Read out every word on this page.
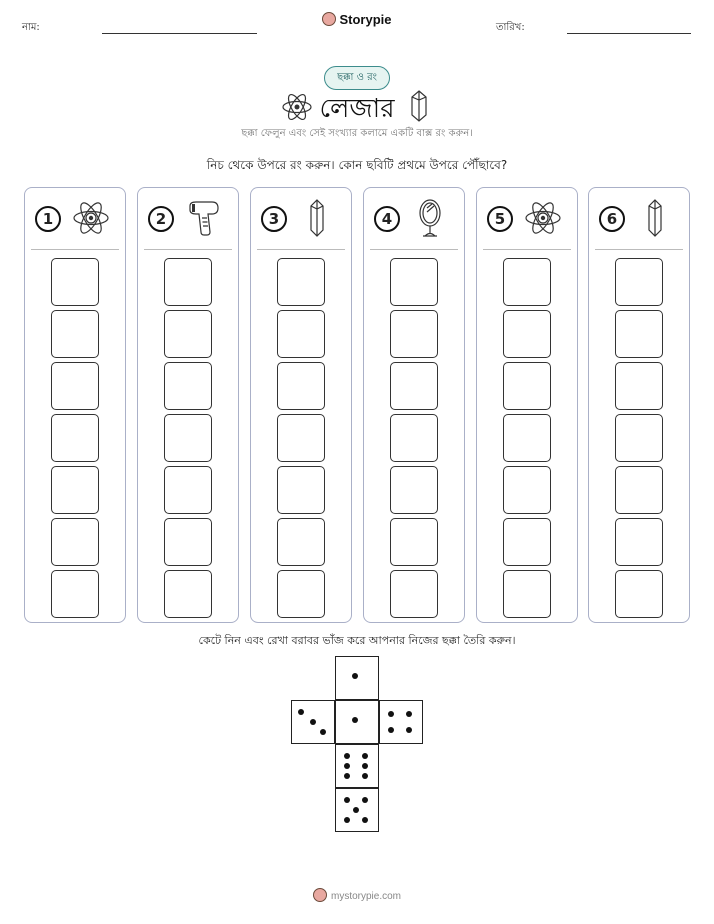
নাম:
Storypie
তারিখ:
ছক্কা ও রং
লেজার
ছক্কা ফেলুন এবং সেই সংখ্যার কলামে একটি বাক্স রং করুন।
নিচ থেকে উপরে রং করুন। কোন ছবিটি প্রথমে উপরে পৌঁছাবে?
1	2	3	4	5	6
কেটে নিন এবং রেখা বরাবর ভাঁজ করে আপনার নিজের ছক্কা তৈরি করুন।
mystorypie.com
